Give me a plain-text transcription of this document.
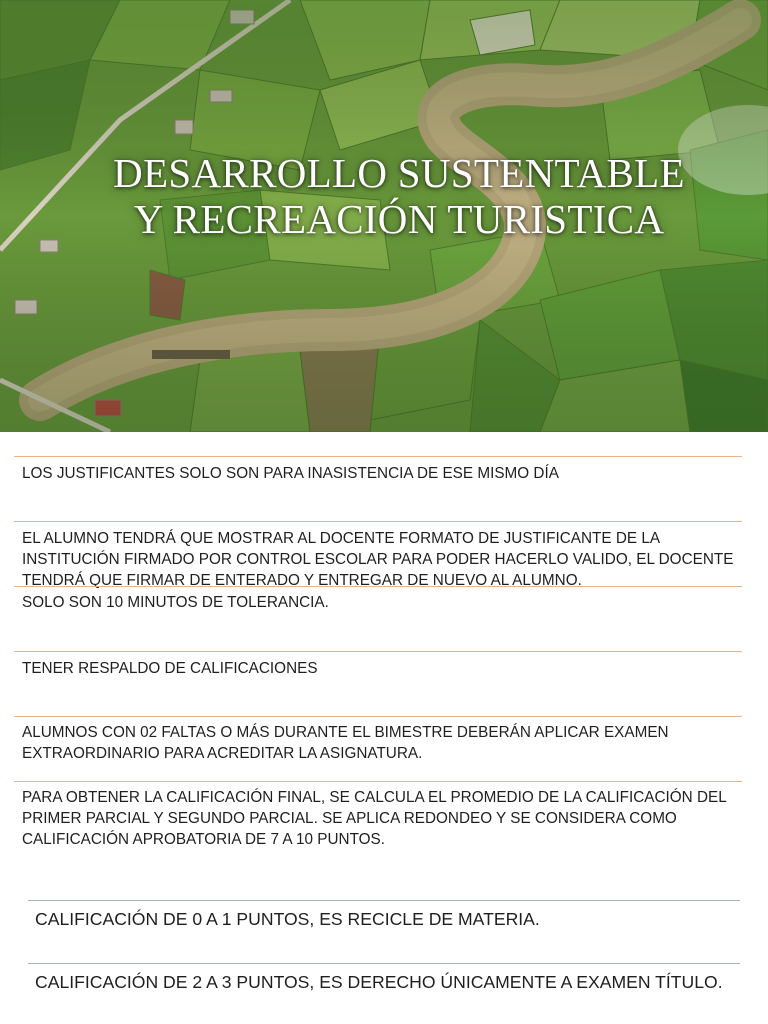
DESARROLLO SUSTENTABLE
Y RECREACIÓN TURISTICA

LOS JUSTIFICANTES SOLO SON PARA INASISTENCIA DE ESE MISMO DÍA

EL ALUMNO TENDRÁ QUE MOSTRAR AL DOCENTE FORMATO DE JUSTIFICANTE DE LA INSTITUCIÓN FIRMADO POR CONTROL ESCOLAR PARA PODER HACERLO VALIDO, EL DOCENTE TENDRÁ QUE FIRMAR DE ENTERADO Y ENTREGAR DE NUEVO AL ALUMNO.

SOLO SON 10 MINUTOS DE TOLERANCIA.

TENER RESPALDO DE CALIFICACIONES

ALUMNOS CON 02 FALTAS O MÁS DURANTE EL BIMESTRE DEBERÁN APLICAR EXAMEN EXTRAORDINARIO PARA ACREDITAR LA ASIGNATURA.

PARA OBTENER LA CALIFICACIÓN FINAL, SE CALCULA EL PROMEDIO DE LA CALIFICACIÓN DEL PRIMER PARCIAL Y SEGUNDO PARCIAL. SE APLICA REDONDEO Y SE CONSIDERA COMO CALIFICACIÓN APROBATORIA DE 7 A 10 PUNTOS.

CALIFICACIÓN DE 0 A 1 PUNTOS, ES RECICLE DE MATERIA.

CALIFICACIÓN DE 2 A 3 PUNTOS, ES DERECHO ÚNICAMENTE A EXAMEN TÍTULO.
